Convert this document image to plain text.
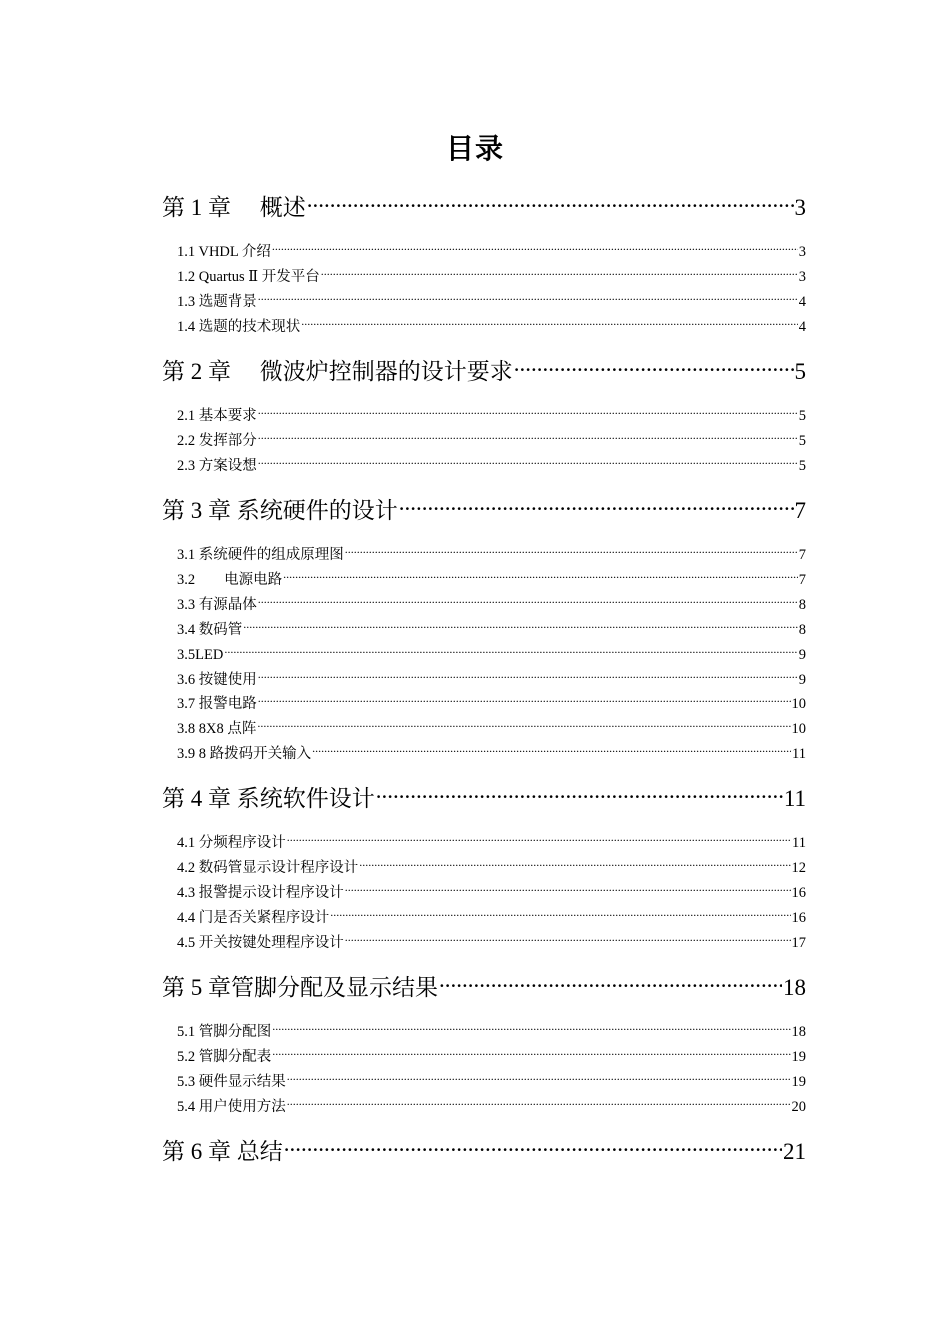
目录
第 1 章　 概述 .....	3
1.1 VHDL 介绍 .....	3
1.2 Quartus Ⅱ 开发平台 .....	3
1.3 选题背景 .....	4
1.4 选题的技术现状 .....	4
第 2 章　 微波炉控制器的设计要求 .....	5
2.1 基本要求 .....	5
2.2 发挥部分 .....	5
2.3 方案设想 .....	5
第 3 章 系统硬件的设计 .....	7
3.1 系统硬件的组成原理图 .....	7
3.2　　电源电路 .....	7
3.3 有源晶体 .....	8
3.4 数码管 .....	8
3.5LED .....	9
3.6 按键使用 .....	9
3.7 报警电路 .....	10
3.8 8X8 点阵 .....	10
3.9 8 路拨码开关输入 .....	11
第 4 章 系统软件设计 .....	11
4.1 分频程序设计 .....	11
4.2 数码管显示设计程序设计 .....	12
4.3 报警提示设计程序设计 .....	16
4.4 门是否关紧程序设计 .....	16
4.5 开关按键处理程序设计 .....	17
第 5 章管脚分配及显示结果 .....	18
5.1 管脚分配图 .....	18
5.2 管脚分配表 .....	19
5.3 硬件显示结果 .....	19
5.4 用户使用方法 .....	20
第 6 章 总结 .....	21
